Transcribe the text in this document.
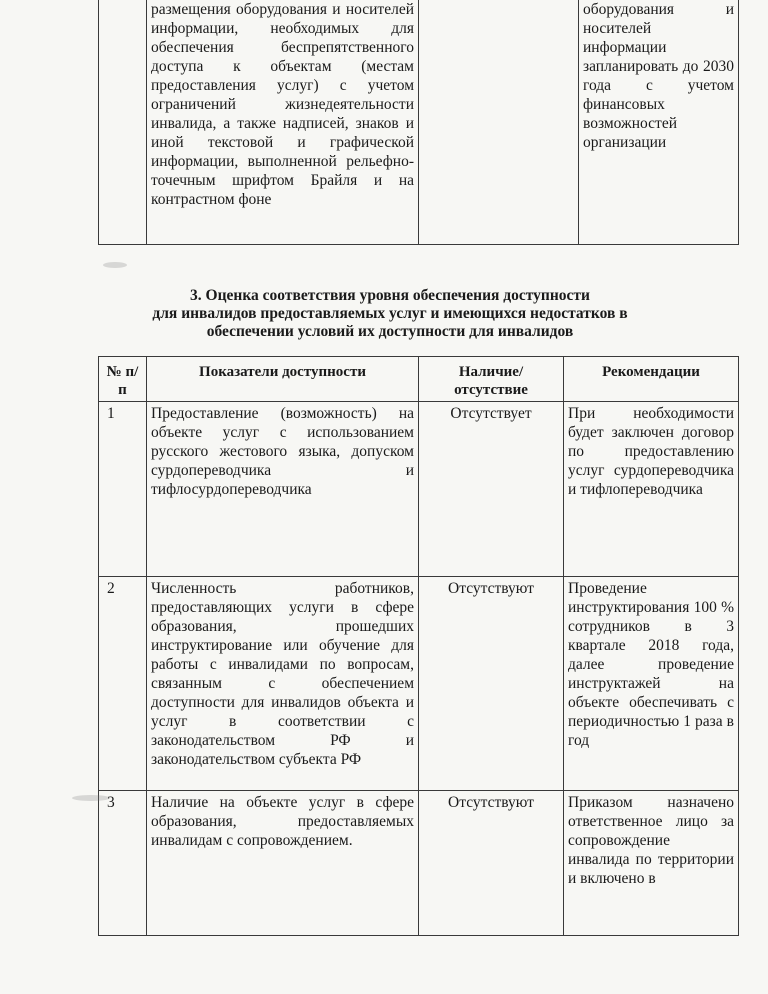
	размещения оборудования и носителей информации, необходимых для обеспечения беспрепятственного доступа к объектам (местам предоставления услуг) с учетом ограничений жизнедеятельности инвалида, а также надписей, знаков и иной текстовой и графической информации, выполненной рельефно-точечным шрифтом Брайля и на контрастном фоне		оборудования и носителей информации запланировать до 2030 года с учетом финансовых возможностей организации
3. Оценка соответствия уровня обеспечения доступности
для инвалидов предоставляемых услуг и имеющихся недостатков в
обеспечении условий их доступности для инвалидов
№ п/п	Показатели доступности	Наличие/ отсутствие	Рекомендации
1	Предоставление (возможность) на объекте услуг с использованием русского жестового языка, допуском сурдопереводчика и тифлосурдопереводчика	Отсутствует	При необходимости будет заключен договор по предоставлению услуг сурдопереводчика и тифлопереводчика
2	Численность работников, предоставляющих услуги в сфере образования, прошедших инструктирование или обучение для работы с инвалидами по вопросам, связанным с обеспечением доступности для инвалидов объекта и услуг в соответствии с законодательством РФ и законодательством субъекта РФ	Отсутствуют	Проведение инструктирования 100 % сотрудников в 3 квартале 2018 года, далее проведение инструктажей на объекте обеспечивать с периодичностью 1 раза в год
3	Наличие на объекте услуг в сфере образования, предоставляемых инвалидам с сопровождением.	Отсутствуют	Приказом назначено ответственное лицо за сопровождение инвалида по территории и включено в
